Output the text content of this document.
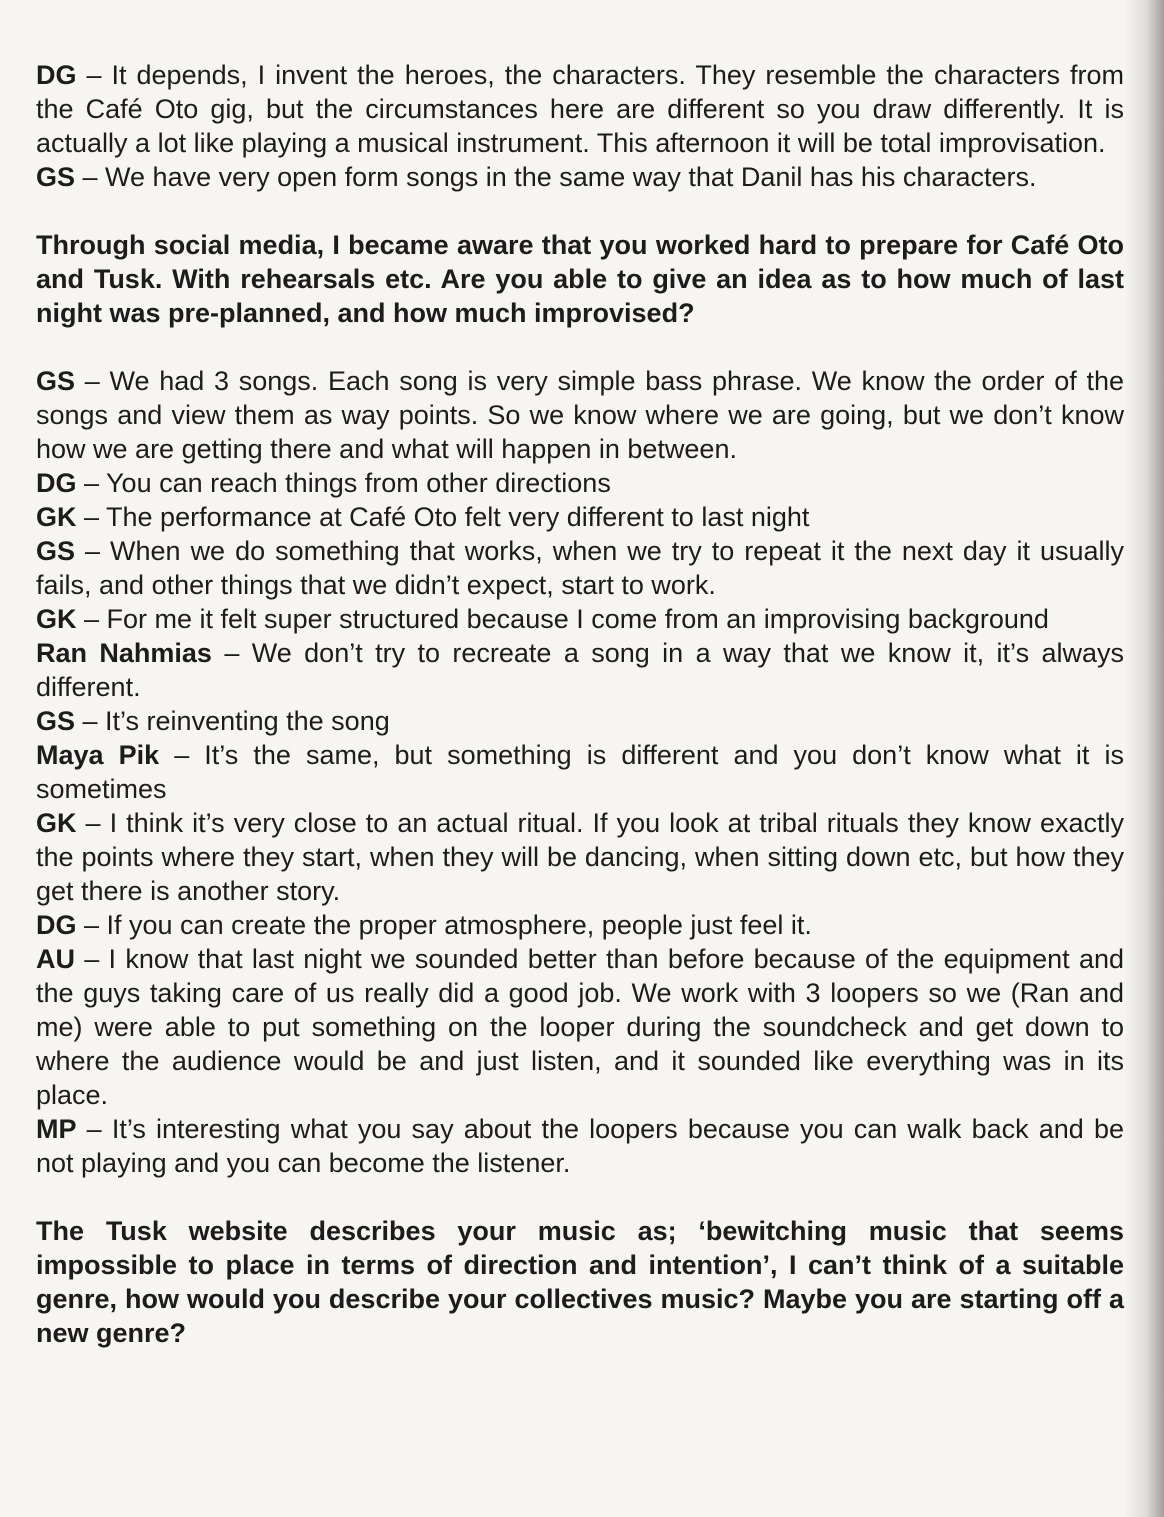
DG – It depends, I invent the heroes, the characters. They resemble the characters from the Café Oto gig, but the circumstances here are different so you draw differently. It is actually a lot like playing a musical instrument. This afternoon it will be total improvisation.

GS – We have very open form songs in the same way that Danil has his characters.

Through social media, I became aware that you worked hard to prepare for Café Oto and Tusk. With rehearsals etc. Are you able to give an idea as to how much of last night was pre-planned, and how much improvised?

GS – We had 3 songs. Each song is very simple bass phrase. We know the order of the songs and view them as way points. So we know where we are going, but we don’t know how we are getting there and what will happen in between.

DG – You can reach things from other directions

GK – The performance at Café Oto felt very different to last night

GS – When we do something that works, when we try to repeat it the next day it usually fails, and other things that we didn’t expect, start to work.

GK – For me it felt super structured because I come from an improvising background

Ran Nahmias – We don’t try to recreate a song in a way that we know it, it’s always different.

GS – It’s reinventing the song

Maya Pik – It’s the same, but something is different and you don’t know what it is sometimes

GK – I think it’s very close to an actual ritual. If you look at tribal rituals they know exactly the points where they start, when they will be dancing, when sitting down etc, but how they get there is another story.

DG – If you can create the proper atmosphere, people just feel it.

AU – I know that last night we sounded better than before because of the equipment and the guys taking care of us really did a good job. We work with 3 loopers so we (Ran and me) were able to put something on the looper during the soundcheck and get down to where the audience would be and just listen, and it sounded like everything was in its place.

MP – It’s interesting what you say about the loopers because you can walk back and be not playing and you can become the listener.

The Tusk website describes your music as; ‘bewitching music that seems impossible to place in terms of direction and intention’, I can’t think of a suitable genre, how would you describe your collectives music? Maybe you are starting off a new genre?
